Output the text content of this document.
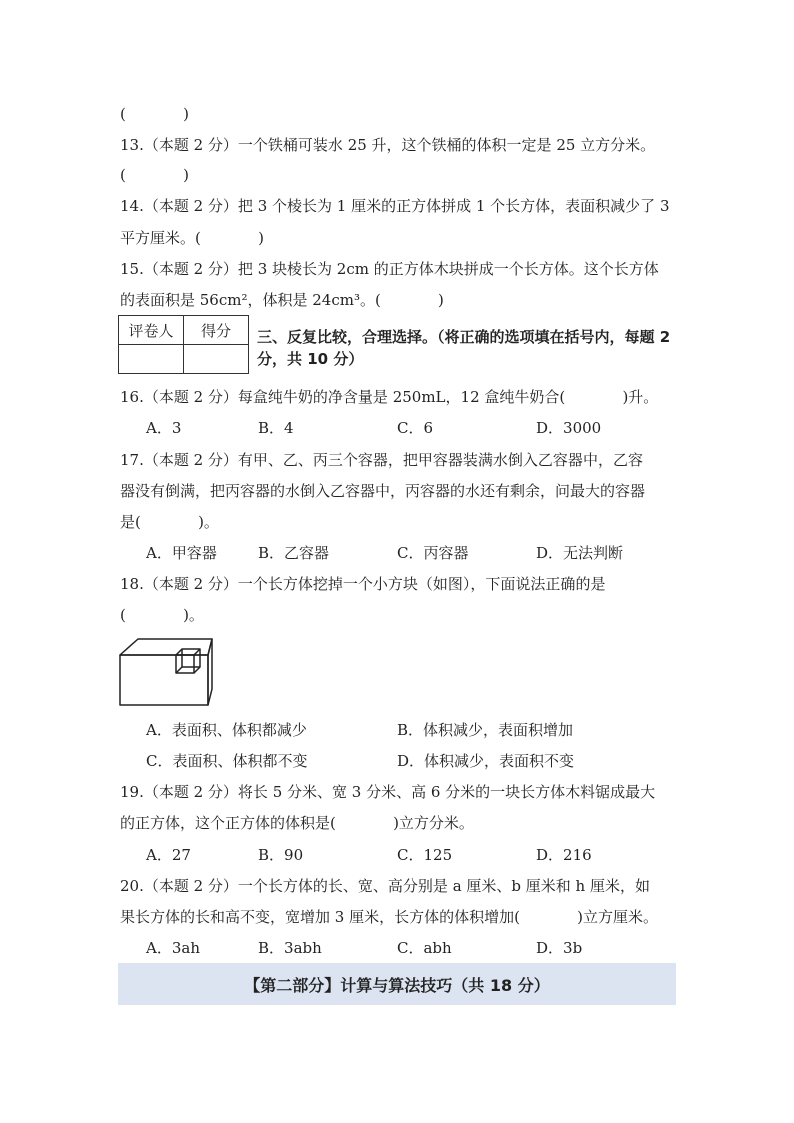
(            )
13.（本题 2 分）一个铁桶可装水 25 升，这个铁桶的体积一定是 25 立方分米。
(            )
14.（本题 2 分）把 3 个棱长为 1 厘米的正方体拼成 1 个长方体，表面积减少了 3
平方厘米。(            )
15.（本题 2 分）把 3 块棱长为 2cm 的正方体木块拼成一个长方体。这个长方体
的表面积是 56cm²，体积是 24cm³。(            )
评卷人	得分
	三、反复比较，合理选择。（将正确的选项填在括号内，每题 2 分，共 10 分）
16.（本题 2 分）每盒纯牛奶的净含量是 250mL，12 盒纯牛奶合(            )升。
A．3	B．4	C．6	D．3000
17.（本题 2 分）有甲、乙、丙三个容器，把甲容器装满水倒入乙容器中，乙容
器没有倒满，把丙容器的水倒入乙容器中，丙容器的水还有剩余，问最大的容器
是(            )。
A．甲容器	B．乙容器	C．丙容器	D．无法判断
18.（本题 2 分）一个长方体挖掉一个小方块（如图），下面说法正确的是
(            )。
A．表面积、体积都减少	B．体积减少，表面积增加
C．表面积、体积都不变	D．体积减少，表面积不变
19.（本题 2 分）将长 5 分米、宽 3 分米、高 6 分米的一块长方体木料锯成最大
的正方体，这个正方体的体积是(            )立方分米。
A．27	B．90	C．125	D．216
20.（本题 2 分）一个长方体的长、宽、高分别是 a 厘米、b 厘米和 h 厘米，如
果长方体的长和高不变，宽增加 3 厘米，长方体的体积增加(            )立方厘米。
A．3ah	B．3abh	C．abh	D．3b
【第二部分】计算与算法技巧（共 18 分）
